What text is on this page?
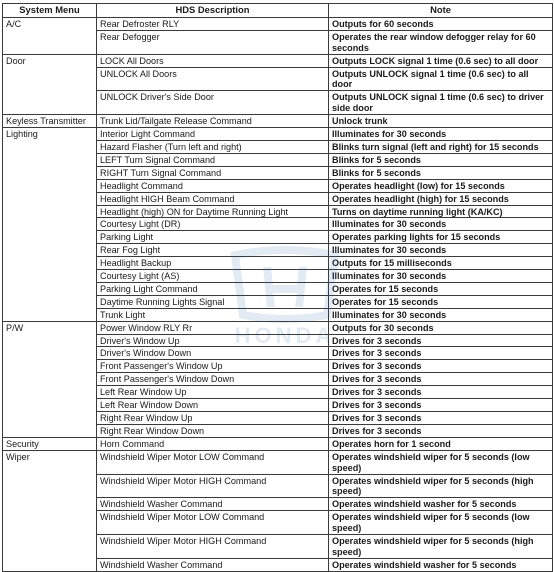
System Menu	HDS Description	Note
A/C	Rear Defroster RLY	Outputs for 60 seconds
	Rear Defogger	Operates the rear window defogger relay for 60 seconds
Door	LOCK All Doors	Outputs LOCK signal 1 time (0.6 sec) to all door
	UNLOCK All Doors	Outputs UNLOCK signal 1 time (0.6 sec) to all door
	UNLOCK Driver's Side Door	Outputs UNLOCK signal 1 time (0.6 sec) to driver side door
Keyless Transmitter	Trunk Lid/Tailgate Release Command	Unlock trunk
Lighting	Interior Light Command	Illuminates for 30 seconds
	Hazard Flasher (Turn left and right)	Blinks turn signal (left and right) for 15 seconds
	LEFT Turn Signal Command	Blinks for 5 seconds
	RIGHT Turn Signal Command	Blinks for 5 seconds
	Headlight Command	Operates headlight (low) for 15 seconds
	Headlight HIGH Beam Command	Operates headlight (high) for 15 seconds
	Headlight (high) ON for Daytime Running Light	Turns on daytime running light (KA/KC)
	Courtesy Light (DR)	Illuminates for 30 seconds
	Parking Light	Operates parking lights for 15 seconds
	Rear Fog Light	Illuminates for 30 seconds
	Headlight Backup	Outputs for 15 milliseconds
	Courtesy Light (AS)	Illuminates for 30 seconds
	Parking Light Command	Operates for 15 seconds
	Daytime Running Lights Signal	Operates for 15 seconds
	Trunk Light	Illuminates for 30 seconds
P/W	Power Window RLY Rr	Outputs for 30 seconds
	Driver's Window Up	Drives for 3 seconds
	Driver's Window Down	Drives for 3 seconds
	Front Passenger's Window Up	Drives for 3 seconds
	Front Passenger's Window Down	Drives for 3 seconds
	Left Rear Window Up	Drives for 3 seconds
	Left Rear Window Down	Drives for 3 seconds
	Right Rear Window Up	Drives for 3 seconds
	Right Rear Window Down	Drives for 3 seconds
Security	Horn Command	Operates horn for 1 second
Wiper	Windshield Wiper Motor LOW Command	Operates windshield wiper for 5 seconds (low speed)
	Windshield Wiper Motor HIGH Command	Operates windshield wiper for 5 seconds (high speed)
	Windshield Washer Command	Operates windshield washer for 5 seconds
	Windshield Wiper Motor LOW Command	Operates windshield wiper for 5 seconds (low speed)
	Windshield Wiper Motor HIGH Command	Operates windshield wiper for 5 seconds (high speed)
	Windshield Washer Command	Operates windshield washer for 5 seconds
HONDA
